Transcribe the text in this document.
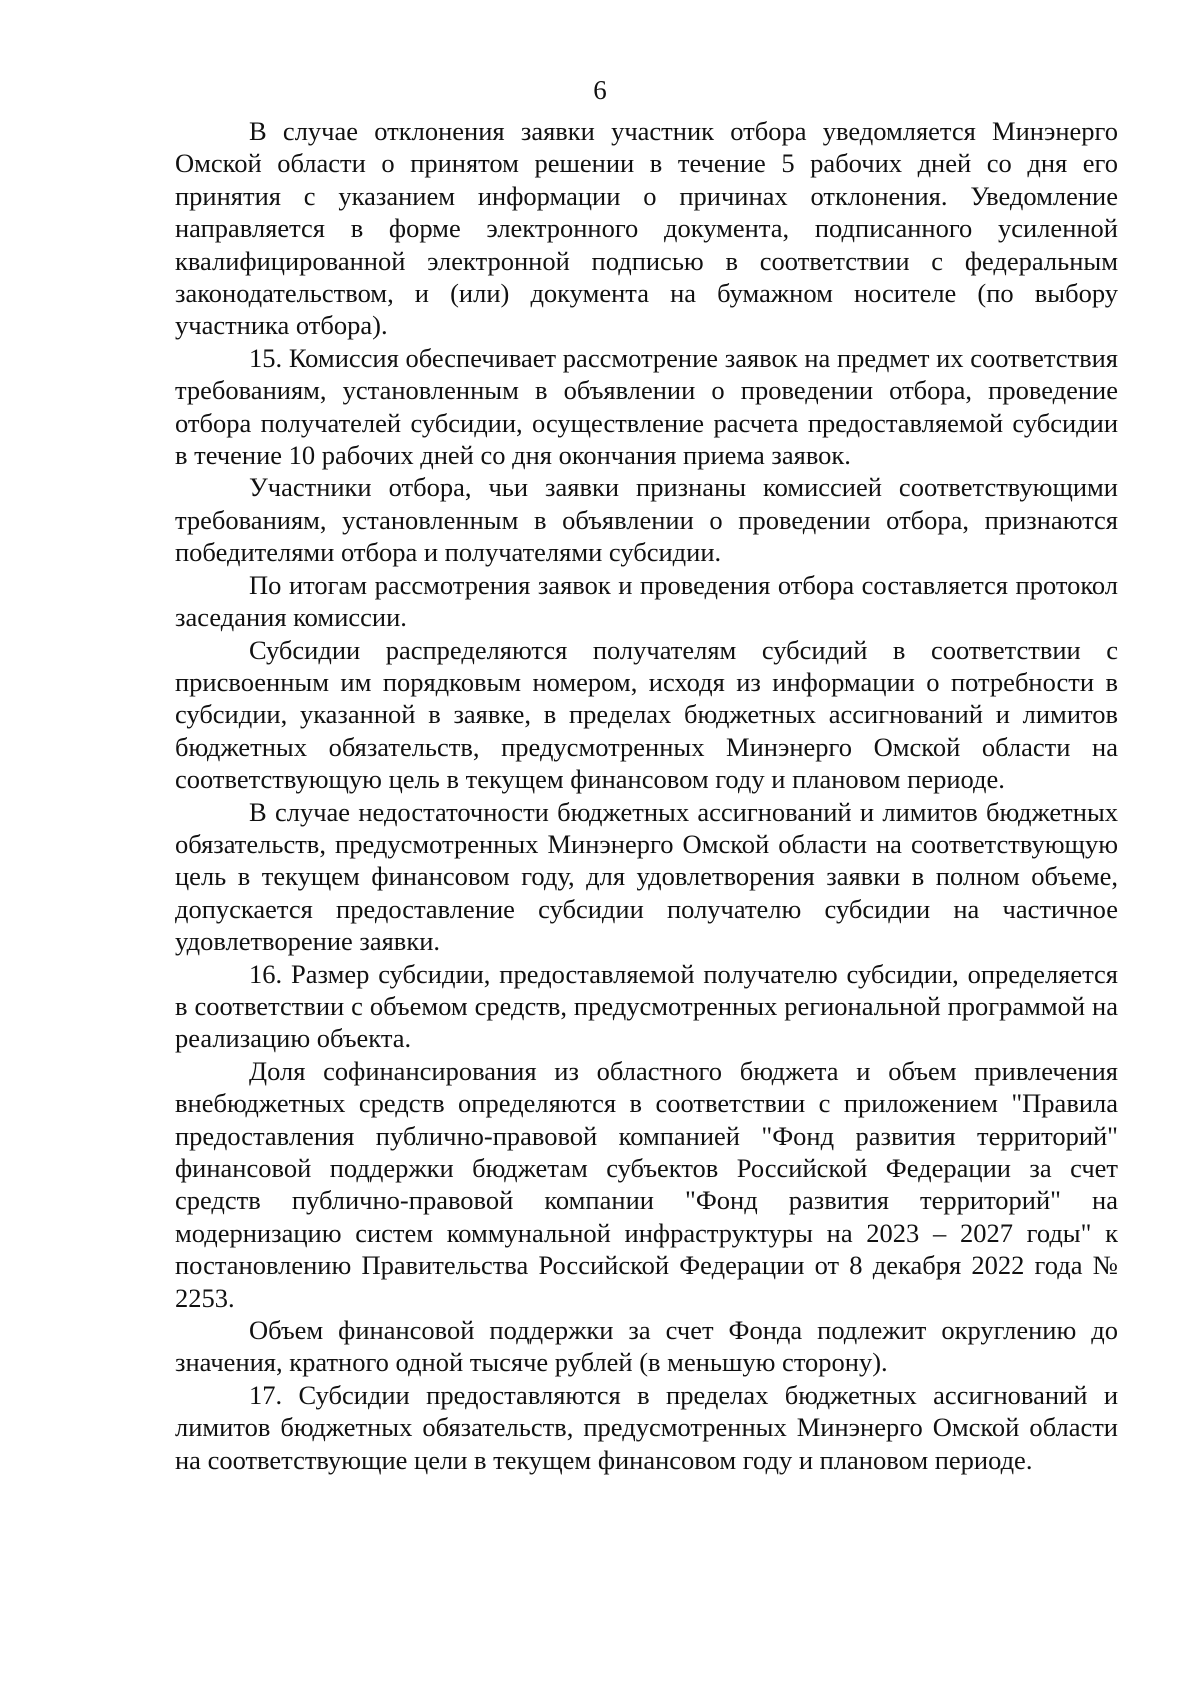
6

В случае отклонения заявки участник отбора уведомляется Минэнерго Омской области о принятом решении в течение 5 рабочих дней со дня его принятия с указанием информации о причинах отклонения. Уведомление направляется в форме электронного документа, подписанного усиленной квалифицированной электронной подписью в соответствии с федеральным законодательством, и (или) документа на бумажном носителе (по выбору участника отбора).

15. Комиссия обеспечивает рассмотрение заявок на предмет их соответствия требованиям, установленным в объявлении о проведении отбора, проведение отбора получателей субсидии, осуществление расчета предоставляемой субсидии в течение 10 рабочих дней со дня окончания приема заявок.

Участники отбора, чьи заявки признаны комиссией соответствующими требованиям, установленным в объявлении о проведении отбора, признаются победителями отбора и получателями субсидии.

По итогам рассмотрения заявок и проведения отбора составляется протокол заседания комиссии.

Субсидии распределяются получателям субсидий в соответствии с присвоенным им порядковым номером, исходя из информации о потребности в субсидии, указанной в заявке, в пределах бюджетных ассигнований и лимитов бюджетных обязательств, предусмотренных Минэнерго Омской области на соответствующую цель в текущем финансовом году и плановом периоде.

В случае недостаточности бюджетных ассигнований и лимитов бюджетных обязательств, предусмотренных Минэнерго Омской области на соответствующую цель в текущем финансовом году, для удовлетворения заявки в полном объеме, допускается предоставление субсидии получателю субсидии на частичное удовлетворение заявки.

16. Размер субсидии, предоставляемой получателю субсидии, определяется в соответствии с объемом средств, предусмотренных региональной программой на реализацию объекта.

Доля софинансирования из областного бюджета и объем привлечения внебюджетных средств определяются в соответствии с приложением "Правила предоставления публично-правовой компанией "Фонд развития территорий" финансовой поддержки бюджетам субъектов Российской Федерации за счет средств публично-правовой компании "Фонд развития территорий" на модернизацию систем коммунальной инфраструктуры на 2023 – 2027 годы" к постановлению Правительства Российской Федерации от 8 декабря 2022 года № 2253.

Объем финансовой поддержки за счет Фонда подлежит округлению до значения, кратного одной тысяче рублей (в меньшую сторону).

17. Субсидии предоставляются в пределах бюджетных ассигнований и лимитов бюджетных обязательств, предусмотренных Минэнерго Омской области на соответствующие цели в текущем финансовом году и плановом периоде.
